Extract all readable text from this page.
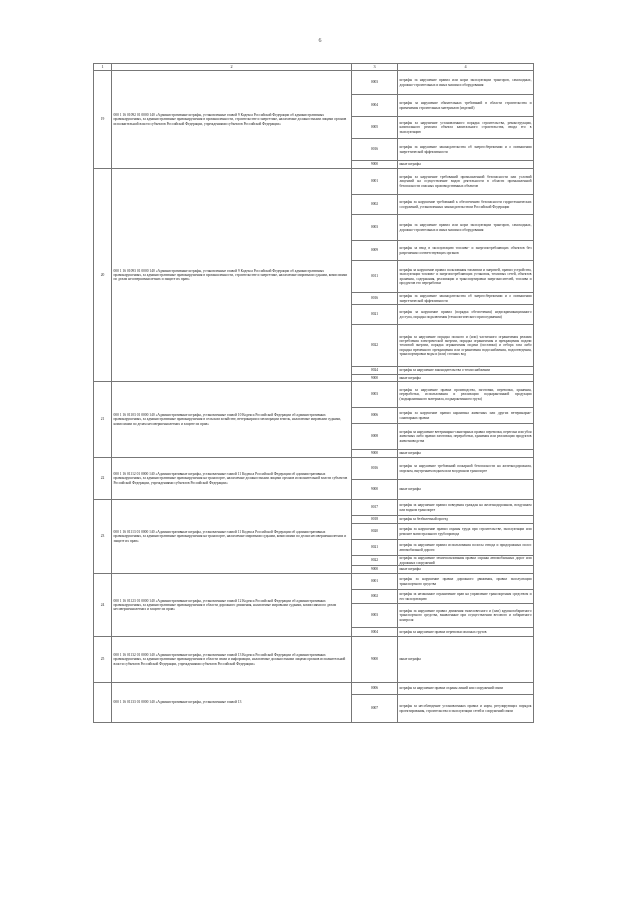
6
1	2	3	4
19	000 1 16 01092 01 0000 140 «Административные штрафы, установленные главой 9 Кодекса Российской Федерации об административных правонарушениях, за административные правонарушения в промышленности, строительстве и энергетике, налагаемые должностными лицами органов исполнительной власти субъектов Российской Федерации, учреждениями субъектов Российской Федерации»	0003	штрафы за нарушение правил или норм эксплуатации тракторов, самоходных, дорожно-строительных и иных машин и оборудования
		0004	штрафы за нарушение обязательных требований в области строительства и применения строительных материалов (изделий)
		0005	штрафы за нарушение установленного порядка строительства, реконструкции, капитального ремонта объекта капитального строительства, ввода его в эксплуатацию
		0016	штрафы за нарушение законодательства об энергосбережении и о повышении энергетической эффективности
		9000	иные штрафы
20	000 1 16 01093 01 0000 140 «Административные штрафы, установленные главой 9 Кодекса Российской Федерации об административных правонарушениях, за административные правонарушения в промышленности, строительстве и энергетике, налагаемые мировыми судьями, комиссиями по делам несовершеннолетних и защите их прав»	0001	штрафы за нарушение требований промышленной безопасности или условий лицензий на осуществление видов деятельности в области промышленной безопасности опасных производственных объектов
		0002	штрафы за нарушение требований к обеспечению безопасности гидротехнических сооружений, установленных законодательством Российской Федерации
		0003	штрафы за нарушение правил или норм эксплуатации тракторов, самоходных, дорожно-строительных и иных машин и оборудования
		0009	штрафы за ввод в эксплуатацию топливо- и энергопотребляющих объектов без разрешения соответствующих органов
		0011	штрафы за нарушение правил пользования топливом и энергией, правил устройства, эксплуатации топливо- и энергопотребляющих установок, тепловых сетей, объектов хранения, содержания, реализации и транспортировки энергоносителей, топлива и продуктов его переработки
		0016	штрафы за нарушение законодательства об энергосбережении и о повышении энергетической эффективности
		0021	штрафы за нарушение правил (порядка обеспечения) недискриминационного доступа, порядка подключения (технологического присоединения)
		0022	штрафы за нарушение порядка полного и (или) частичного ограничения режима потребления электрической энергии, порядка ограничения и прекращения подачи тепловой энергии, порядка ограничения подачи (поставки) и отбора газа либо порядка временного прекращения или ограничения водоснабжения, водоотведения, транспортировки воды и (или) сточных вод
		0024	штрафы за нарушение законодательства о теплоснабжении
		9000	иные штрафы
21	000 1 16 01103 01 0000 140 «Административные штрафы, установленные главой 10 Кодекса Российской Федерации об административных правонарушениях, за административные правонарушения в сельском хозяйстве, ветеринарии и мелиорации земель, налагаемые мировыми судьями, комиссиями по делам несовершеннолетних и защите их прав»	0003	штрафы за нарушение правил производства, заготовки, перевозки, хранения, переработки, использования и реализации подкарантинной продукции (подкарантинного материала, подкарантинного груза)
		0006	штрафы за нарушение правил карантина животных или других ветеринарно-санитарных правил
		0008	штрафы за нарушение ветеринарно-санитарных правил перевозки, перегона или убоя животных либо правил заготовки, переработки, хранения или реализации продуктов животноводства
		9000	иные штрафы
22	000 1 16 01112 01 0000 140 «Административные штрафы, установленные главой 11 Кодекса Российской Федерации об административных правонарушениях, за административные правонарушения на транспорте, налагаемые должностными лицами органов исполнительной власти субъектов Российской Федерации, учреждениями субъектов Российской Федерации»	0016	штрафы за нарушение требований пожарной безопасности на железнодорожном, морском, внутреннем водном или воздушном транспорте
		9000	иные штрафы
23	000 1 16 01113 01 0000 140 «Административные штрафы, установленные главой 11 Кодекса Российской Федерации об административных правонарушениях, за административные правонарушения на транспорте, налагаемые мировыми судьями, комиссиями по делам несовершеннолетних и защите их прав»	0017	штрафы за нарушение правил поведения граждан на железнодорожном, воздушном или водном транспорте
		0018	штрафы за безбилетный проезд
		0020	штрафы за нарушение правил охраны труда при строительстве, эксплуатации или ремонте магистрального трубопровода
		0021	штрафы за нарушение правил использования полосы отвода и придорожных полос автомобильной дороги
		0022	штрафы за нарушение землепользования правил охраны автомобильных дорог или дорожных сооружений
		9000	иные штрафы
24	000 1 16 01123 01 0000 140 «Административные штрафы, установленные главой 12 Кодекса Российской Федерации об административных правонарушениях, за административные правонарушения в области дорожного движения, налагаемые мировыми судьями, комиссиями по делам несовершеннолетних и защите их прав»	0001	штрафы за нарушение правил дорожного движения, правил эксплуатации транспортного средства
		0002	штрафы за незаконное ограничение прав на управление транспортным средством и его эксплуатацию
		0003	штрафы за нарушение правил движения тяжеловесного и (или) крупногабаритного транспортного средства, выявленные при осуществлении весового и габаритного контроля
		0004	штрафы за нарушение правил перевозки опасных грузов
25	000 1 16 01132 01 0000 140 «Административные штрафы, установленные главой 13 Кодекса Российской Федерации об административных правонарушениях, за административные правонарушения в области связи и информации, налагаемые должностными лицами органов исполнительной власти субъектов Российской Федерации, учреждениями субъектов Российской Федерации»	9000	иные штрафы
	000 1 16 01133 01 0000 140 «Административные штрафы, установленные главой 13	0006	штрафы за нарушение правил охраны линий или сооружений связи
		0007	штрафы за несоблюдение установленных правил и норм, регулирующих порядок проектирования, строительства и эксплуатации сетей и сооружений связи
